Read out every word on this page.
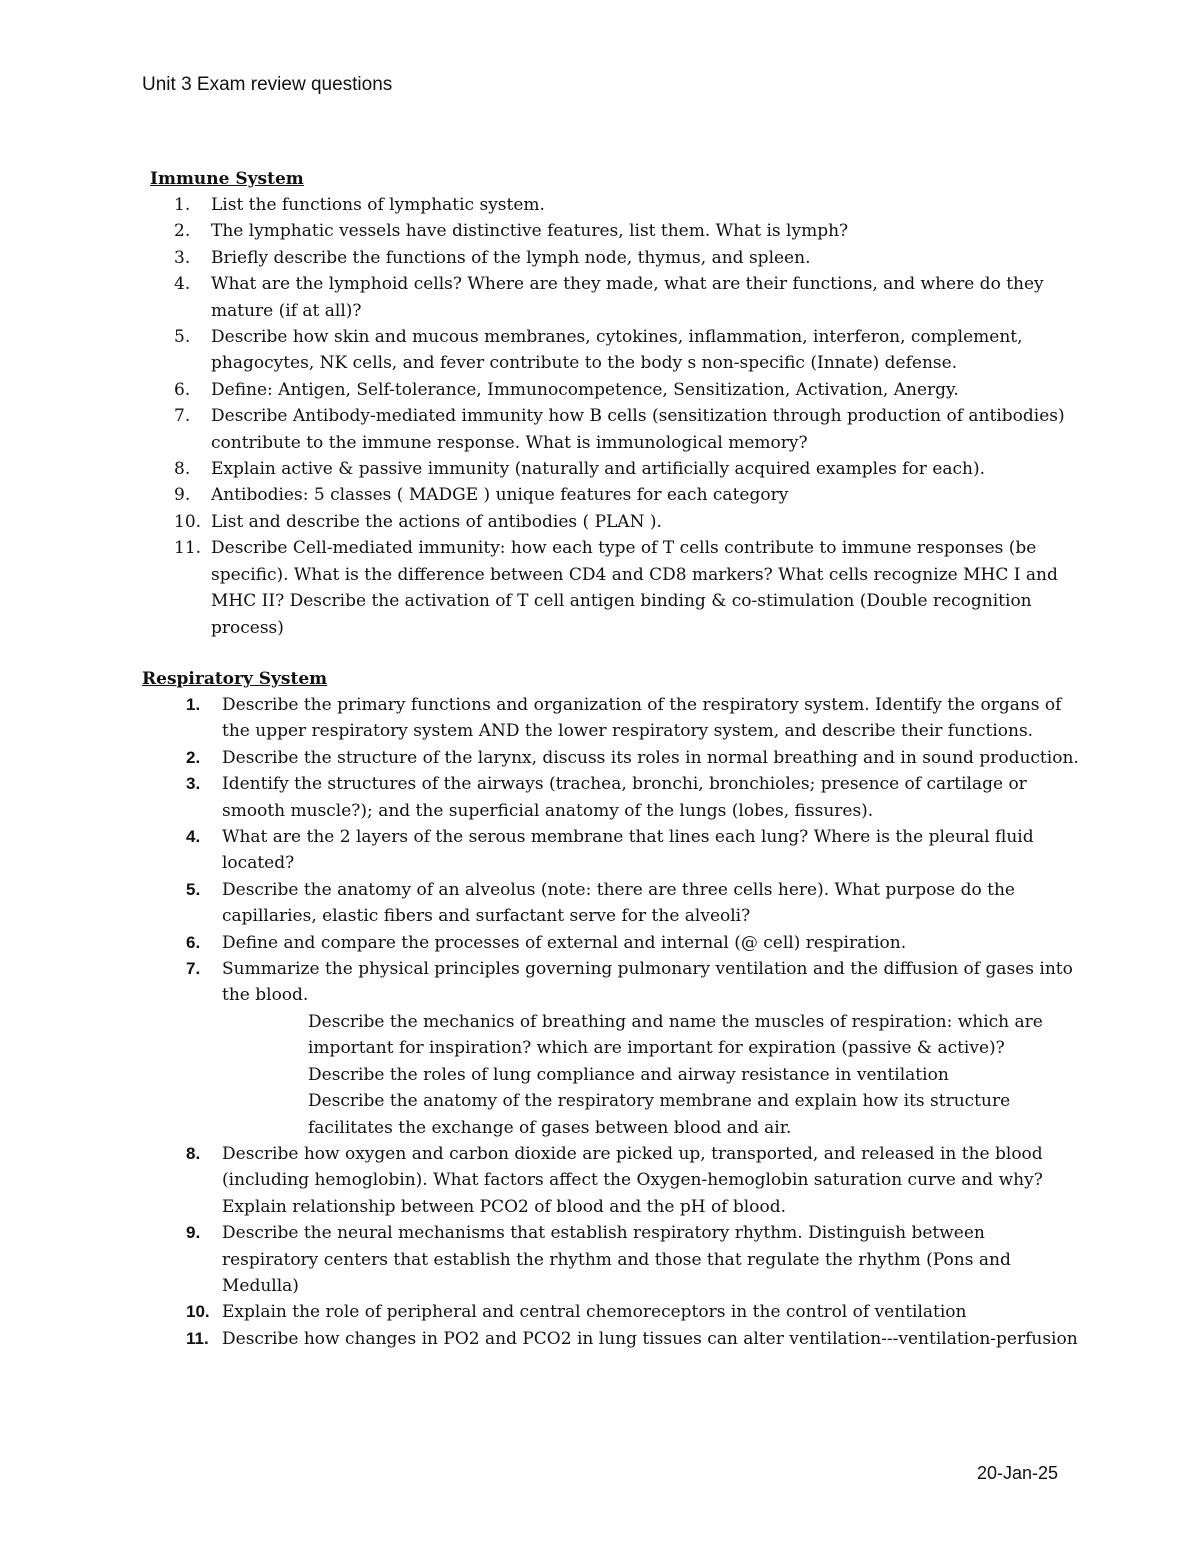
Unit 3 Exam review questions
Immune System
1.	List the functions of lymphatic system.
2.	The lymphatic vessels have distinctive features, list them. What is lymph?
3.	Briefly describe the functions of the lymph node, thymus, and spleen.
4.	What are the lymphoid cells? Where are they made, what are their functions, and where do they mature (if at all)?
5.	Describe how skin and mucous membranes, cytokines, inflammation, interferon, complement, phagocytes, NK cells, and fever contribute to the body s non-specific (Innate) defense.
6.	Define: Antigen, Self-tolerance, Immunocompetence, Sensitization, Activation, Anergy.
7.	Describe Antibody-mediated immunity how B cells (sensitization through production of antibodies) contribute to the immune response. What is immunological memory?
8.	Explain active & passive immunity (naturally and artificially acquired examples for each).
9.	Antibodies: 5 classes ( MADGE ) unique features for each category
10. List and describe the actions of antibodies ( PLAN ).
11. Describe Cell-mediated immunity: how each type of T cells contribute to immune responses (be specific). What is the difference between CD4 and CD8 markers? What cells recognize MHC I and MHC II? Describe the activation of T cell antigen binding & co-stimulation (Double recognition process)
Respiratory System
1.	Describe the primary functions and organization of the respiratory system. Identify the organs of the upper respiratory system AND the lower respiratory system, and describe their functions.
2.	Describe the structure of the larynx, discuss its roles in normal breathing and in sound production.
3.	Identify the structures of the airways (trachea, bronchi, bronchioles; presence of cartilage or smooth muscle?); and the superficial anatomy of the lungs (lobes, fissures).
4.	What are the 2 layers of the serous membrane that lines each lung? Where is the pleural fluid located?
5.	Describe the anatomy of an alveolus (note: there are three cells here). What purpose do the capillaries, elastic fibers and surfactant serve for the alveoli?
6.	Define and compare the processes of external and internal (@ cell) respiration.
7.	Summarize the physical principles governing pulmonary ventilation and the diffusion of gases into the blood.
Describe the mechanics of breathing and name the muscles of respiration: which are important for inspiration? which are important for expiration (passive & active)?
Describe the roles of lung compliance and airway resistance in ventilation
Describe the anatomy of the respiratory membrane and explain how its structure facilitates the exchange of gases between blood and air.
8.	Describe how oxygen and carbon dioxide are picked up, transported, and released in the blood (including hemoglobin). What factors affect the Oxygen-hemoglobin saturation curve and why? Explain relationship between PCO2 of blood and the pH of blood.
9.	Describe the neural mechanisms that establish respiratory rhythm. Distinguish between respiratory centers that establish the rhythm and those that regulate the rhythm (Pons and Medulla)
10. Explain the role of peripheral and central chemoreceptors in the control of ventilation
11. Describe how changes in PO2 and PCO2 in lung tissues can alter ventilation---ventilation-perfusion
20-Jan-25
